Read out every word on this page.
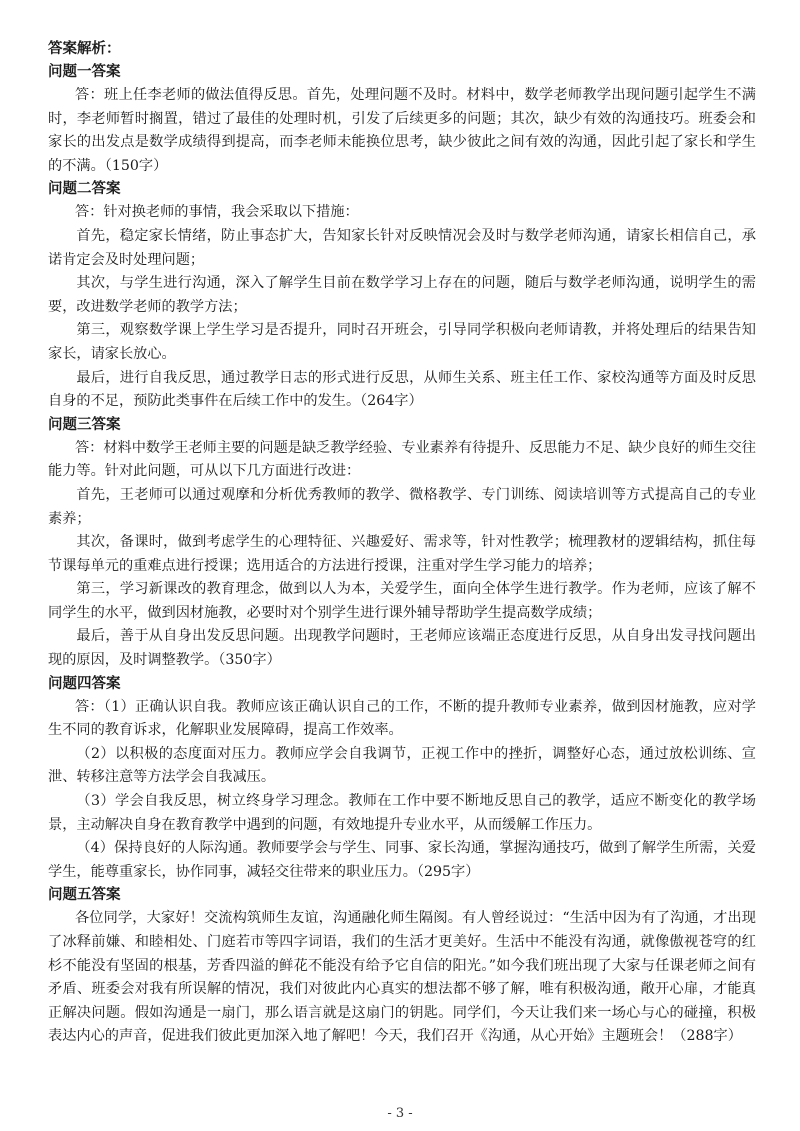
答案解析：

问题一答案

答：班上任李老师的做法值得反思。首先，处理问题不及时。材料中，数学老师教学出现问题引起学生不满时，李老师暂时搁置，错过了最佳的处理时机，引发了后续更多的问题；其次，缺少有效的沟通技巧。班委会和家长的出发点是数学成绩得到提高，而李老师未能换位思考，缺少彼此之间有效的沟通，因此引起了家长和学生的不满。（150字）

问题二答案

答：针对换老师的事情，我会采取以下措施：

首先，稳定家长情绪，防止事态扩大，告知家长针对反映情况会及时与数学老师沟通，请家长相信自己，承诺肯定会及时处理问题；

其次，与学生进行沟通，深入了解学生目前在数学学习上存在的问题，随后与数学老师沟通，说明学生的需要，改进数学老师的教学方法；

第三，观察数学课上学生学习是否提升，同时召开班会，引导同学积极向老师请教，并将处理后的结果告知家长，请家长放心。

最后，进行自我反思，通过教学日志的形式进行反思，从师生关系、班主任工作、家校沟通等方面及时反思自身的不足，预防此类事件在后续工作中的发生。（264字）

问题三答案

答：材料中数学王老师主要的问题是缺乏教学经验、专业素养有待提升、反思能力不足、缺少良好的师生交往能力等。针对此问题，可从以下几方面进行改进：

首先，王老师可以通过观摩和分析优秀教师的教学、微格教学、专门训练、阅读培训等方式提高自己的专业素养；

其次，备课时，做到考虑学生的心理特征、兴趣爱好、需求等，针对性教学；梳理教材的逻辑结构，抓住每节课每单元的重难点进行授课；选用适合的方法进行授课，注重对学生学习能力的培养；

第三，学习新课改的教育理念，做到以人为本，关爱学生，面向全体学生进行教学。作为老师，应该了解不同学生的水平，做到因材施教，必要时对个别学生进行课外辅导帮助学生提高数学成绩；

最后，善于从自身出发反思问题。出现教学问题时，王老师应该端正态度进行反思，从自身出发寻找问题出现的原因，及时调整教学。（350字）

问题四答案

答：（1）正确认识自我。教师应该正确认识自己的工作，不断的提升教师专业素养，做到因材施教，应对学生不同的教育诉求，化解职业发展障碍，提高工作效率。

（2）以积极的态度面对压力。教师应学会自我调节，正视工作中的挫折，调整好心态，通过放松训练、宣泄、转移注意等方法学会自我减压。

（3）学会自我反思，树立终身学习理念。教师在工作中要不断地反思自己的教学，适应不断变化的教学场景，主动解决自身在教育教学中遇到的问题，有效地提升专业水平，从而缓解工作压力。

（4）保持良好的人际沟通。教师要学会与学生、同事、家长沟通，掌握沟通技巧，做到了解学生所需，关爱学生，能尊重家长，协作同事，减轻交往带来的职业压力。（295字）

问题五答案

各位同学，大家好！交流构筑师生友谊，沟通融化师生隔阂。有人曾经说过：“生活中因为有了沟通，才出现了冰释前嫌、和睦相处、门庭若市等四字词语，我们的生活才更美好。生活中不能没有沟通，就像傲视苍穹的红杉不能没有坚固的根基，芳香四溢的鲜花不能没有给予它自信的阳光。”如今我们班出现了大家与任课老师之间有矛盾、班委会对我有所误解的情况，我们对彼此内心真实的想法都不够了解，唯有积极沟通，敞开心扉，才能真正解决问题。假如沟通是一扇门，那么语言就是这扇门的钥匙。同学们，今天让我们来一场心与心的碰撞，积极表达内心的声音，促进我们彼此更加深入地了解吧！今天，我们召开《沟通，从心开始》主题班会！（288字）

- 3 -
